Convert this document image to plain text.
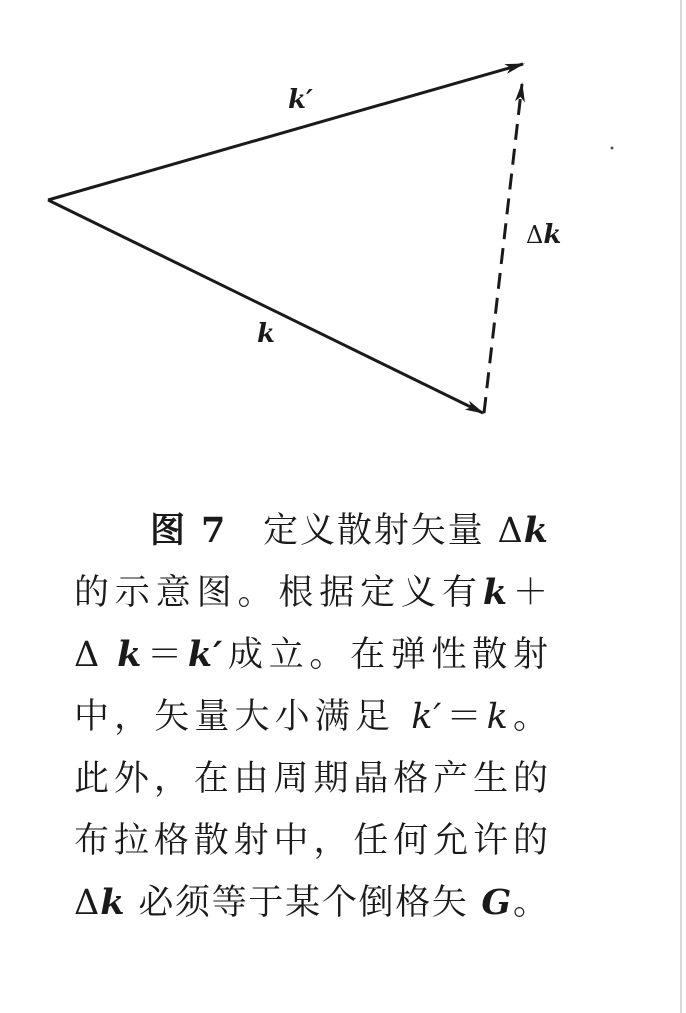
k′
k
Δk
图 7 定义散射矢量 Δk
的示意图。根据定义有k＋
Δ k＝k′成立。在弹性散射
中，矢量大小满足 k′＝k。
此外，在由周期晶格产生的
布拉格散射中，任何允许的
Δk 必须等于某个倒格矢 G。
